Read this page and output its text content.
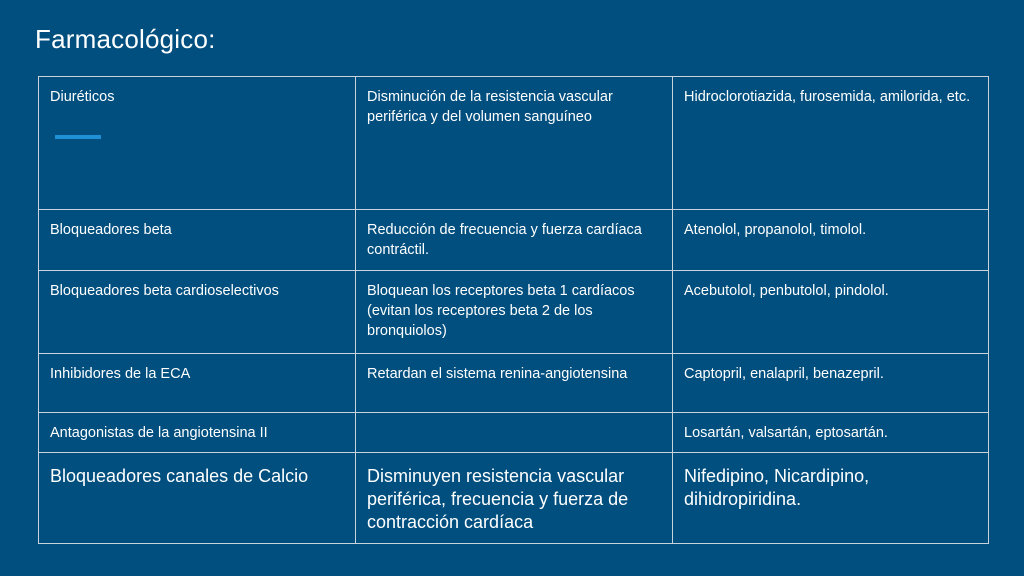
Farmacológico:
Diuréticos	Disminución de la resistencia vascular periférica y del volumen sanguíneo	Hidroclorotiazida, furosemida, amilorida, etc.
Bloqueadores beta	Reducción de frecuencia y fuerza cardíaca contráctil.	Atenolol, propanolol, timolol.
Bloqueadores beta cardioselectivos	Bloquean los receptores beta 1 cardíacos (evitan los receptores beta 2 de los bronquiolos)	Acebutolol, penbutolol, pindolol.
Inhibidores de la ECA	Retardan el sistema renina-angiotensina	Captopril, enalapril, benazepril.
Antagonistas de la angiotensina II		Losartán, valsartán, eptosartán.
Bloqueadores canales de Calcio	Disminuyen resistencia vascular periférica, frecuencia y fuerza de contracción cardíaca	Nifedipino, Nicardipino, dihidropiridina.
